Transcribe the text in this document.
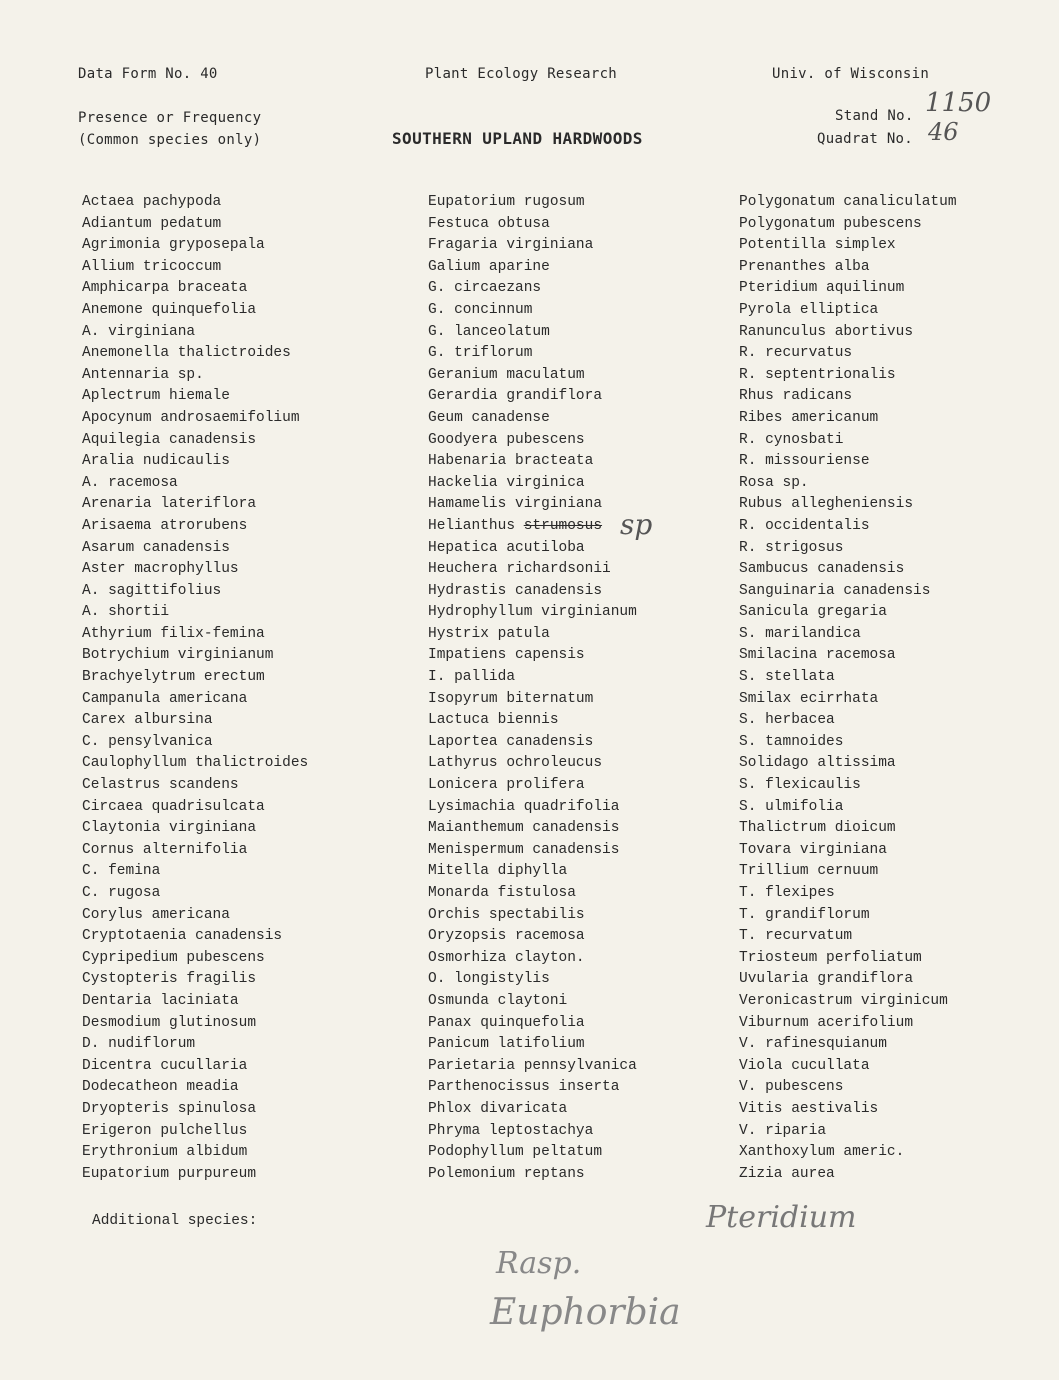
Data Form No. 40	Plant Ecology Research	Univ. of Wisconsin
Presence or Frequency
(Common species only)	SOUTHERN UPLAND HARDWOODS
Stand No. 1150
Quadrat No. 46
Actaea pachypoda
Adiantum pedatum
Agrimonia gryposepala
Allium tricoccum
Amphicarpa braceata
Anemone quinquefolia
A. virginiana
Anemonella thalictroides
Antennaria sp.
Aplectrum hiemale
Apocynum androsaemifolium
Aquilegia canadensis
Aralia nudicaulis
A. racemosa
Arenaria lateriflora
Arisaema atrorubens
Asarum canadensis
Aster macrophyllus
A. sagittifolius
A. shortii
Athyrium filix-femina
Botrychium virginianum
Brachyelytrum erectum
Campanula americana
Carex albursina
C. pensylvanica
Caulophyllum thalictroides
Celastrus scandens
Circaea quadrisulcata
Claytonia virginiana
Cornus alternifolia
C. femina
C. rugosa
Corylus americana
Cryptotaenia canadensis
Cypripedium pubescens
Cystopteris fragilis
Dentaria laciniata
Desmodium glutinosum
D. nudiflorum
Dicentra cucullaria
Dodecatheon meadia
Dryopteris spinulosa
Erigeron pulchellus
Erythronium albidum
Eupatorium purpureum
Eupatorium rugosum
Festuca obtusa
Fragaria virginiana
Galium aparine
G. circaezans
G. concinnum
G. lanceolatum
G. triflorum
Geranium maculatum
Gerardia grandiflora
Geum canadense
Goodyera pubescens
Habenaria bracteata
Hackelia virginica
Hamamelis virginiana
Helianthus strumosus
Hepatica acutiloba
Heuchera richardsonii
Hydrastis canadensis
Hydrophyllum virginianum
Hystrix patula
Impatiens capensis
I. pallida
Isopyrum biternatum
Lactuca biennis
Laportea canadensis
Lathyrus ochroleucus
Lonicera prolifera
Lysimachia quadrifolia
Maianthemum canadensis
Menispermum canadensis
Mitella diphylla
Monarda fistulosa
Orchis spectabilis
Oryzopsis racemosa
Osmorhiza clayton.
O. longistylis
Osmunda claytoni
Panax quinquefolia
Panicum latifolium
Parietaria pennsylvanica
Parthenocissus inserta
Phlox divaricata
Phryma leptostachya
Podophyllum peltatum
Polemonium reptans
Polygonatum canaliculatum
Polygonatum pubescens
Potentilla simplex
Prenanthes alba
Pteridium aquilinum
Pyrola elliptica
Ranunculus abortivus
R. recurvatus
R. septentrionalis
Rhus radicans
Ribes americanum
R. cynosbati
R. missouriense
Rosa sp.
Rubus allegheniensis
R. occidentalis
R. strigosus
Sambucus canadensis
Sanguinaria canadensis
Sanicula gregaria
S. marilandica
Smilacina racemosa
S. stellata
Smilax ecirrhata
S. herbacea
S. tamnoides
Solidago altissima
S. flexicaulis
S. ulmifolia
Thalictrum dioicum
Tovara virginiana
Trillium cernuum
T. flexipes
T. grandiflorum
T. recurvatum
Triosteum perfoliatum
Uvularia grandiflora
Veronicastrum virginicum
Viburnum acerifolium
V. rafinesquianum
Viola cucullata
V. pubescens
Vitis aestivalis
V. riparia
Xanthoxylum americ.
Zizia aurea
sp
Additional species:	Pteridium
Rasp.
Euphorbia
